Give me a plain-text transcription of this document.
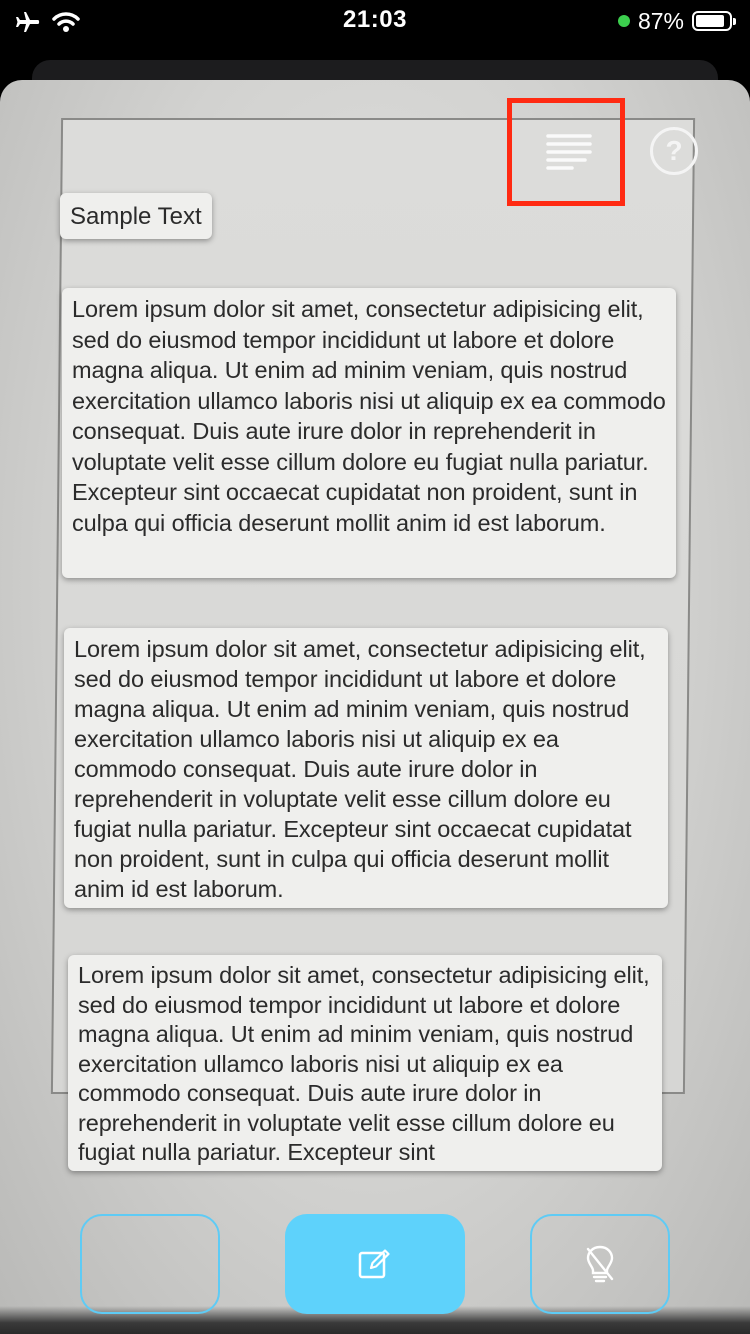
21:03	87%
Sample Text
Lorem ipsum dolor sit amet, consectetur adipisicing elit, sed do eiusmod tempor incididunt ut labore et dolore magna aliqua. Ut enim ad minim veniam, quis nostrud exercitation ullamco laboris nisi ut aliquip ex ea commodo consequat. Duis aute irure dolor in reprehenderit in voluptate velit esse cillum dolore eu fugiat nulla pariatur. Excepteur sint occaecat cupidatat non proident, sunt in culpa qui officia deserunt mollit anim id est laborum.
Lorem ipsum dolor sit amet, consectetur adipisicing elit, sed do eiusmod tempor incididunt ut labore et dolore magna aliqua. Ut enim ad minim veniam, quis nostrud exercitation ullamco laboris nisi ut aliquip ex ea commodo consequat. Duis aute irure dolor in reprehenderit in voluptate velit esse cillum dolore eu fugiat nulla pariatur. Excepteur sint occaecat cupidatat non proident, sunt in culpa qui officia deserunt mollit anim id est laborum.
Lorem ipsum dolor sit amet, consectetur adipisicing elit, sed do eiusmod tempor incididunt ut labore et dolore magna aliqua. Ut enim ad minim veniam, quis nostrud exercitation ullamco laboris nisi ut aliquip ex ea commodo consequat. Duis aute irure dolor in reprehenderit in voluptate velit esse cillum dolore eu fugiat nulla pariatur. Excepteur sint
?
